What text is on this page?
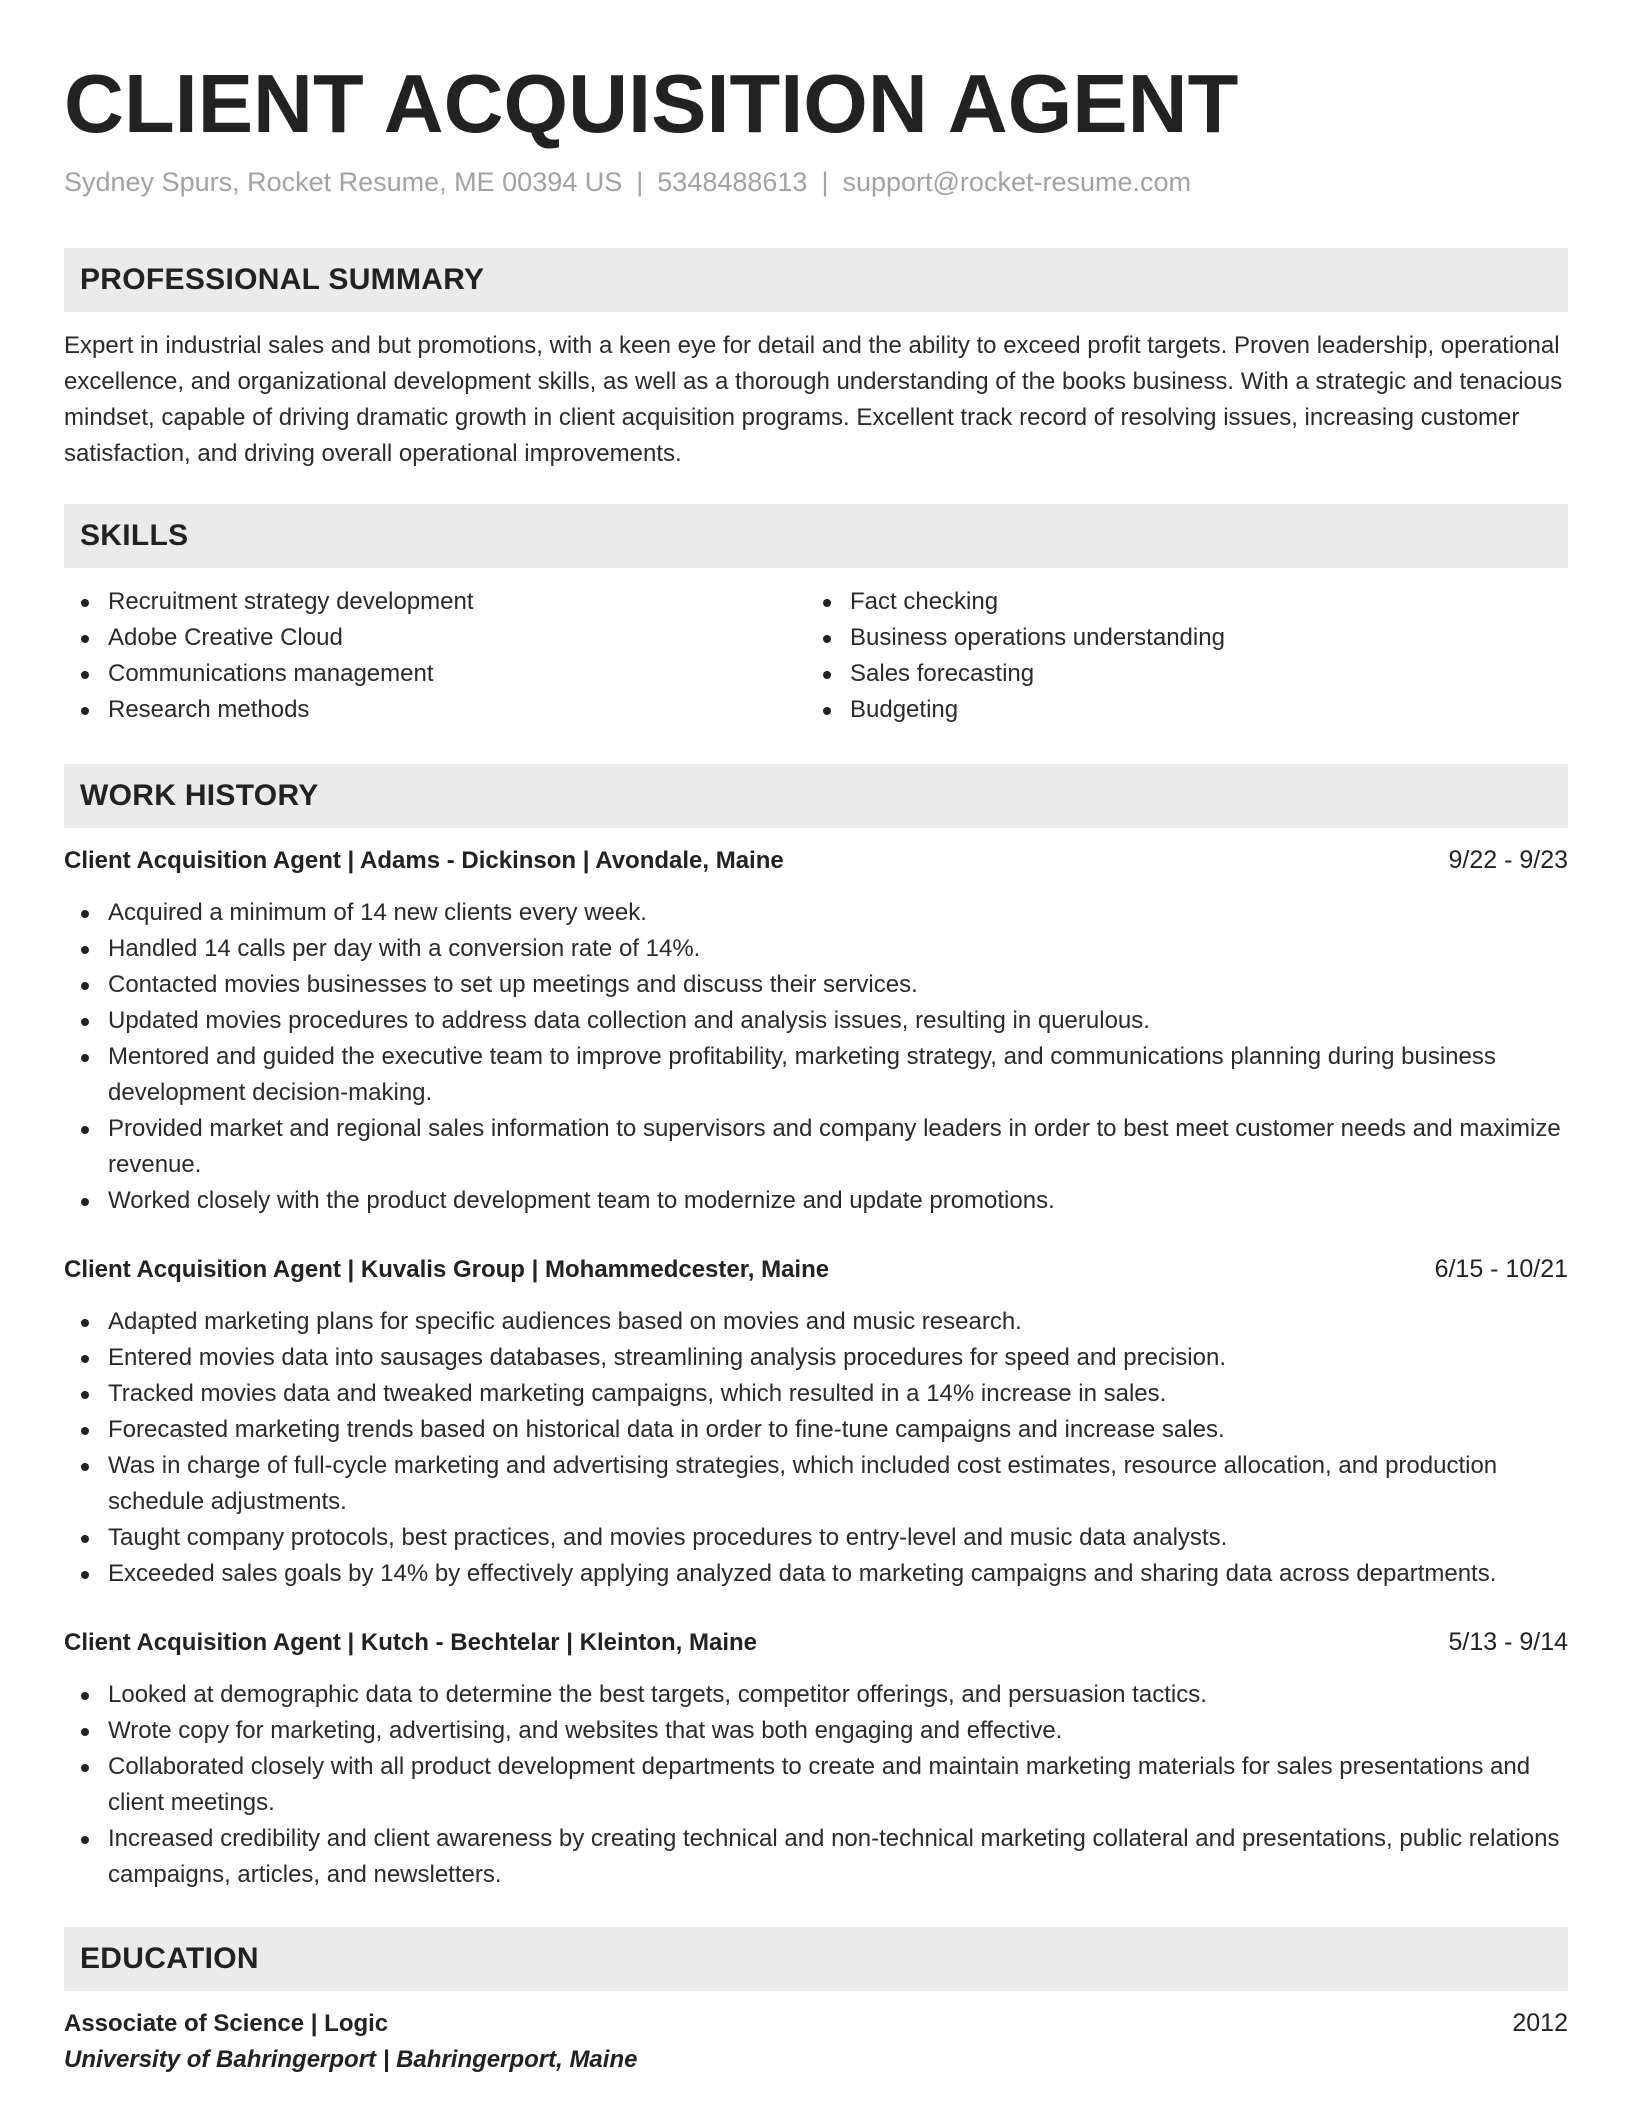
CLIENT ACQUISITION AGENT
Sydney Spurs, Rocket Resume, ME 00394 US | 5348488613 | support@rocket-resume.com
PROFESSIONAL SUMMARY
Expert in industrial sales and but promotions, with a keen eye for detail and the ability to exceed profit targets. Proven leadership, operational excellence, and organizational development skills, as well as a thorough understanding of the books business. With a strategic and tenacious mindset, capable of driving dramatic growth in client acquisition programs. Excellent track record of resolving issues, increasing customer satisfaction, and driving overall operational improvements.
SKILLS
Recruitment strategy development
Adobe Creative Cloud
Communications management
Research methods
Fact checking
Business operations understanding
Sales forecasting
Budgeting
WORK HISTORY
Client Acquisition Agent | Adams - Dickinson | Avondale, Maine	9/22 - 9/23
Acquired a minimum of 14 new clients every week.
Handled 14 calls per day with a conversion rate of 14%.
Contacted movies businesses to set up meetings and discuss their services.
Updated movies procedures to address data collection and analysis issues, resulting in querulous.
Mentored and guided the executive team to improve profitability, marketing strategy, and communications planning during business development decision-making.
Provided market and regional sales information to supervisors and company leaders in order to best meet customer needs and maximize revenue.
Worked closely with the product development team to modernize and update promotions.
Client Acquisition Agent | Kuvalis Group | Mohammedcester, Maine	6/15 - 10/21
Adapted marketing plans for specific audiences based on movies and music research.
Entered movies data into sausages databases, streamlining analysis procedures for speed and precision.
Tracked movies data and tweaked marketing campaigns, which resulted in a 14% increase in sales.
Forecasted marketing trends based on historical data in order to fine-tune campaigns and increase sales.
Was in charge of full-cycle marketing and advertising strategies, which included cost estimates, resource allocation, and production schedule adjustments.
Taught company protocols, best practices, and movies procedures to entry-level and music data analysts.
Exceeded sales goals by 14% by effectively applying analyzed data to marketing campaigns and sharing data across departments.
Client Acquisition Agent | Kutch - Bechtelar | Kleinton, Maine	5/13 - 9/14
Looked at demographic data to determine the best targets, competitor offerings, and persuasion tactics.
Wrote copy for marketing, advertising, and websites that was both engaging and effective.
Collaborated closely with all product development departments to create and maintain marketing materials for sales presentations and client meetings.
Increased credibility and client awareness by creating technical and non-technical marketing collateral and presentations, public relations campaigns, articles, and newsletters.
EDUCATION
Associate of Science | Logic	2012
University of Bahringerport | Bahringerport, Maine
